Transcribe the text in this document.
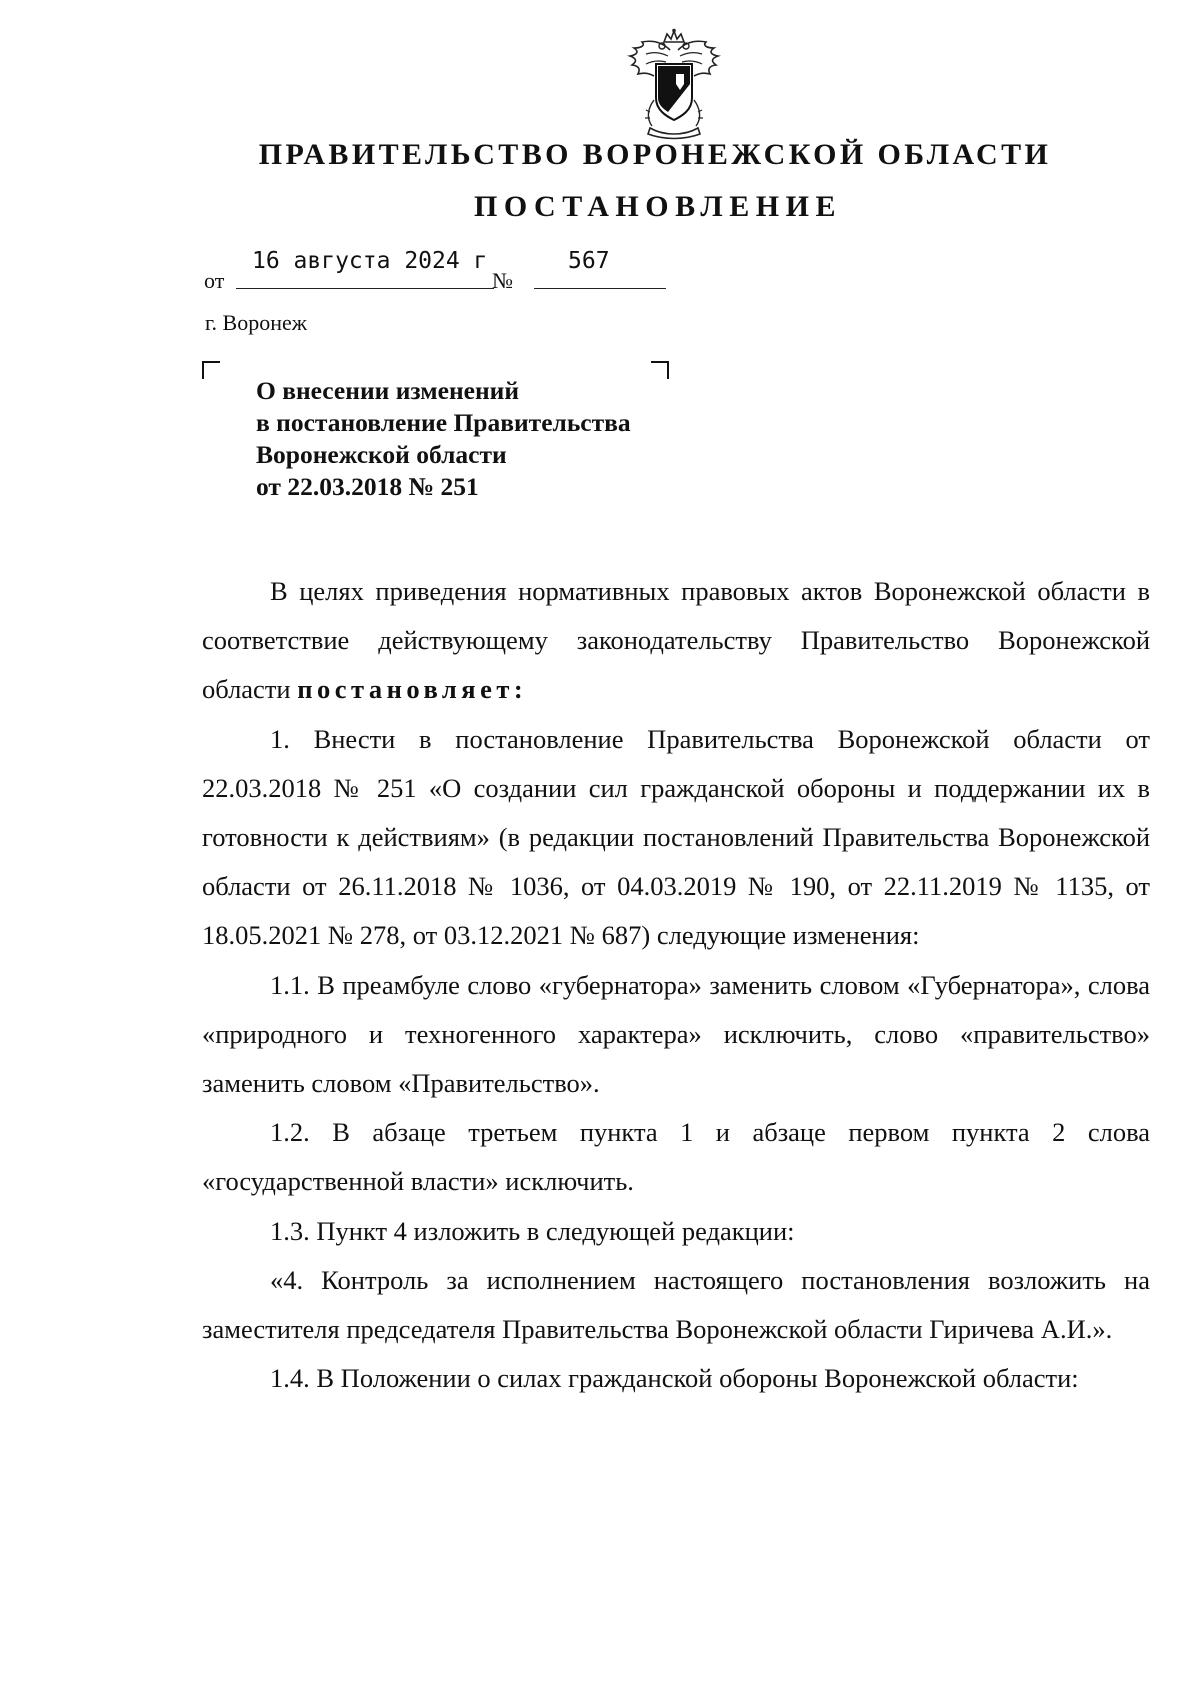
ПРАВИТЕЛЬСТВО ВОРОНЕЖСКОЙ ОБЛАСТИ
ПОСТАНОВЛЕНИЕ
от
16 августа 2024 г
№
567
г. Воронеж
О внесении изменений
в постановление Правительства
Воронежской области
от 22.03.2018 № 251

В целях приведения нормативных правовых актов Воронежской области в соответствие действующему законодательству Правительство Воронежской области постановляет:

1. Внести в постановление Правительства Воронежской области от 22.03.2018 № 251 «О создании сил гражданской обороны и поддержании их в готовности к действиям» (в редакции постановлений Правительства Воронежской области от 26.11.2018 № 1036, от 04.03.2019 № 190, от 22.11.2019 № 1135, от 18.05.2021 № 278, от 03.12.2021 № 687) следующие изменения:

1.1. В преамбуле слово «губернатора» заменить словом «Губернатора», слова «природного и техногенного характера» исключить, слово «правительство» заменить словом «Правительство».

1.2. В абзаце третьем пункта 1 и абзаце первом пункта 2 слова «государственной власти» исключить.

1.3. Пункт 4 изложить в следующей редакции:

«4. Контроль за исполнением настоящего постановления возложить на заместителя председателя Правительства Воронежской области Гиричева А.И.».

1.4. В Положении о силах гражданской обороны Воронежской области:
